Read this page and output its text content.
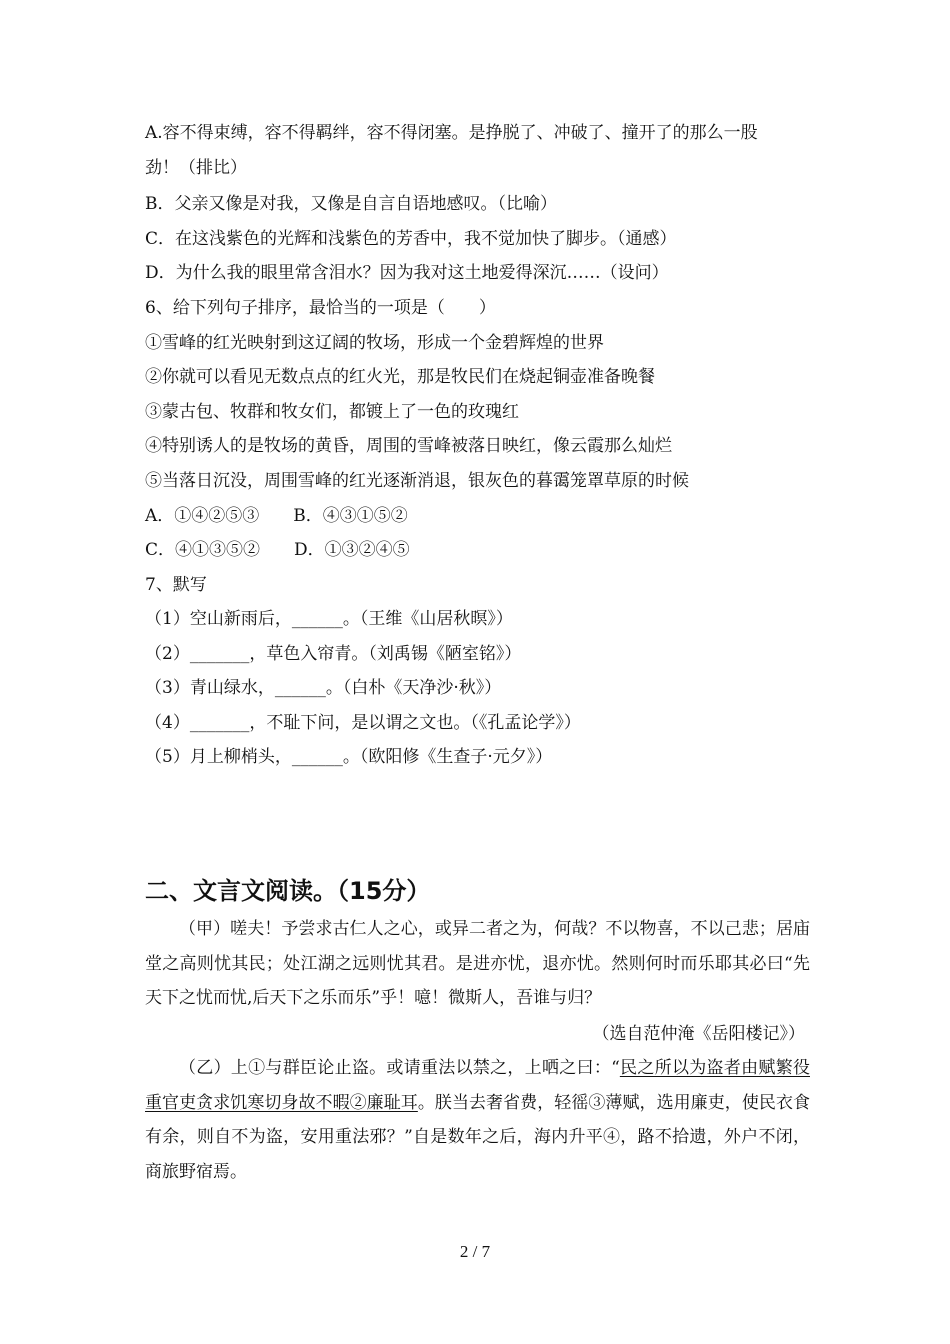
A.容不得束缚，容不得羁绊，容不得闭塞。是挣脱了、冲破了、撞开了的那么一股
劲！（排比）
B．父亲又像是对我，又像是自言自语地感叹。（比喻）
C．在这浅紫色的光辉和浅紫色的芳香中，我不觉加快了脚步。（通感）
D．为什么我的眼里常含泪水？因为我对这土地爱得深沉……（设问）
6、给下列句子排序，最恰当的一项是（　　）
①雪峰的红光映射到这辽阔的牧场，形成一个金碧辉煌的世界
②你就可以看见无数点点的红火光，那是牧民们在烧起铜壶准备晚餐
③蒙古包、牧群和牧女们，都镀上了一色的玫瑰红
④特别诱人的是牧场的黄昏，周围的雪峰被落日映红，像云霞那么灿烂
⑤当落日沉没，周围雪峰的红光逐渐消退，银灰色的暮霭笼罩草原的时候
A．①④②⑤③　　B．④③①⑤②
C．④①③⑤②　　D．①③②④⑤
7、默写
（1）空山新雨后，______。（王维《山居秋暝》）
（2）_______，草色入帘青。（刘禹锡《陋室铭》）
（3）青山绿水，______。（白朴《天净沙·秋》）
（4）_______，不耻下问，是以谓之文也。（《孔孟论学》）
（5）月上柳梢头，______。（欧阳修《生查子·元夕》）
二、文言文阅读。（15分）
（甲）嗟夫！予尝求古仁人之心，或异二者之为，何哉？不以物喜，不以己悲；居庙堂之高则忧其民；处江湖之远则忧其君。是进亦忧，退亦忧。然则何时而乐耶其必曰“先天下之忧而忧,后天下之乐而乐”乎！噫！微斯人，吾谁与归？
（选自范仲淹《岳阳楼记》）
（乙）上①与群臣论止盗。或请重法以禁之，上哂之曰：“民之所以为盗者由赋繁役重官吏贪求饥寒切身故不暇②廉耻耳。朕当去奢省费，轻徭③薄赋，选用廉吏，使民衣食有余，则自不为盗，安用重法邪？”自是数年之后，海内升平④，路不拾遗，外户不闭，商旅野宿焉。
2 / 7
